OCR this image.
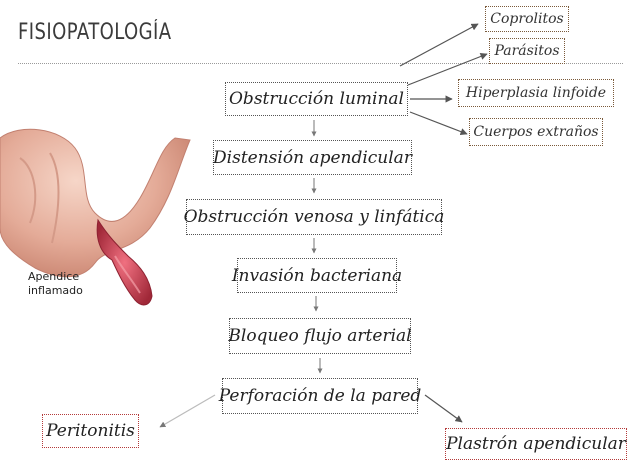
FISIOPATOLOGÍA
Apendice
inflamado
Obstrucción luminal
Distensión apendicular
Obstrucción venosa y linfática
Invasión bacteriana
Bloqueo flujo arterial
Perforación de la pared
Coprolitos
Parásitos
Hiperplasia linfoide
Cuerpos extraños
Peritonitis
Plastrón apendicular
